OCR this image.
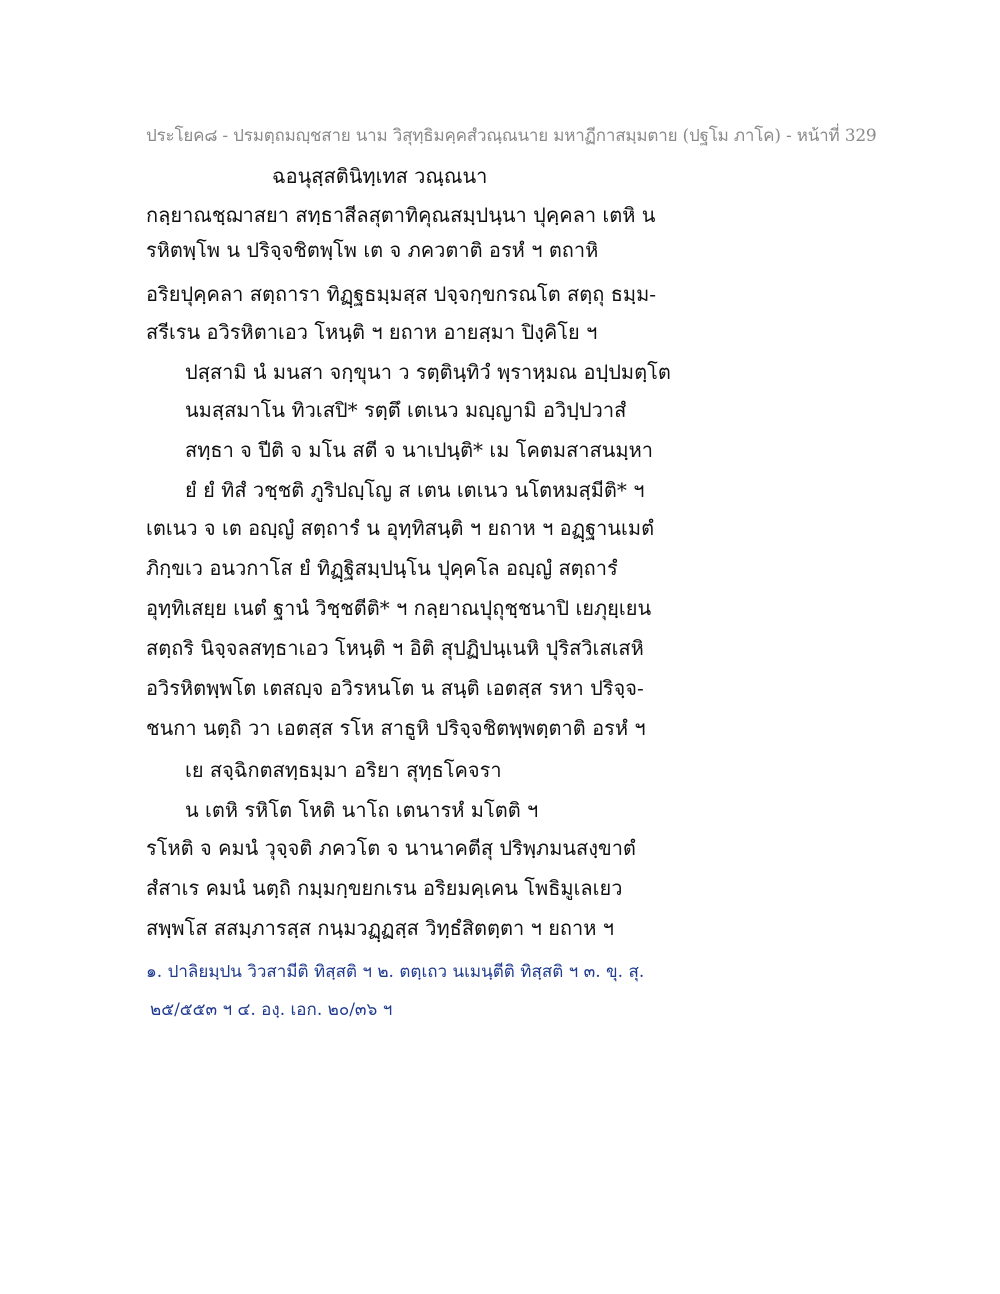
ประโยค๘ - ปรมตฺถมญฺชสาย นาม วิสุทฺธิมคฺคสํวณฺณนาย มหาฏีกาสมฺมตาย (ปฐโม ภาโค) - หน้าที่ 329
ฉอนุสฺสตินิทฺเทส วณฺณนา
กลฺยาณชฺฌาสยา สทฺธาสีลสุตาทิคุณสมฺปนฺนา ปุคฺคลา เตหิ น
รหิตพฺโพ น ปริจฺจชิตพฺโพ เต จ ภควตาติ อรหํ ฯ ตถาหิ
อริยปุคฺคลา สตฺถารา ทิฏฺฐธมฺมสฺส ปจฺจกฺขกรณโต สตฺถุ ธมฺม-
สรีเรน อวิรหิตาเอว โหนฺติ ฯ ยถาห อายสฺมา ปิงฺคิโย ฯ
ปสฺสามิ นํ มนสา จกฺขุนา ว รตฺตินฺทิวํ พฺราหฺมณ อปฺปมตฺโต
นมสฺสมาโน ทิวเสปิ* รตฺตึ เตเนว มญฺญามิ อวิปฺปวาสํ
สทฺธา จ ปีติ จ มโน สตี จ นาเปนฺติ* เม โคตมสาสนมฺหา
ยํ ยํ ทิสํ วชฺชติ ภูริปญฺโญ ส เตน เตเนว นโตหมสฺมีติ* ฯ
เตเนว จ เต อญฺญํ สตฺถารํ น อุทฺทิสนฺติ ฯ ยถาห ฯ อฏฺฐานเมตํ
ภิกฺขเว อนวกาโส ยํ ทิฏฺฐิสมฺปนฺโน ปุคฺคโล อญฺญํ สตฺถารํ
อุทฺทิเสยฺย เนตํ ฐานํ วิชฺชตีติ* ฯ กลฺยาณปุถุชฺชนาปิ เยภุยฺเยน
สตฺถริ นิจฺจลสทฺธาเอว โหนฺติ ฯ อิติ สุปฏิปนฺเนหิ ปุริสวิเสเสหิ
อวิรหิตพฺพโต เตสญฺจ อวิรหนโต น สนฺติ เอตสฺส รหา ปริจฺจ-
ชนกา นตฺถิ วา เอตสฺส รโห สาธูหิ ปริจฺจชิตพฺพตฺตาติ อรหํ ฯ
เย สจฺฉิกตสทฺธมฺมา อริยา สุทฺธโคจรา
น เตหิ รหิโต โหติ นาโถ เตนารหํ มโตติ ฯ
รโหติ จ คมนํ วุจฺจติ ภควโต จ นานาคตีสุ ปริพฺภมนสงฺขาตํ
สํสาเร คมนํ นตฺถิ กมฺมกฺขยกเรน อริยมคฺเคน โพธิมูเลเยว
สพฺพโส สสมฺภารสฺส กนฺมวฏฺฏสฺส วิทฺธํสิตตฺตา ฯ ยถาห ฯ
๑. ปาลิยมฺปน วิวสามีติ ทิสฺสติ ฯ ๒. ตตฺเถว นเมนฺตีติ ทิสฺสติ ฯ ๓. ขุ. สุ.
๒๕/๕๕๓ ฯ ๔. องฺ. เอก. ๒๐/๓๖ ฯ
